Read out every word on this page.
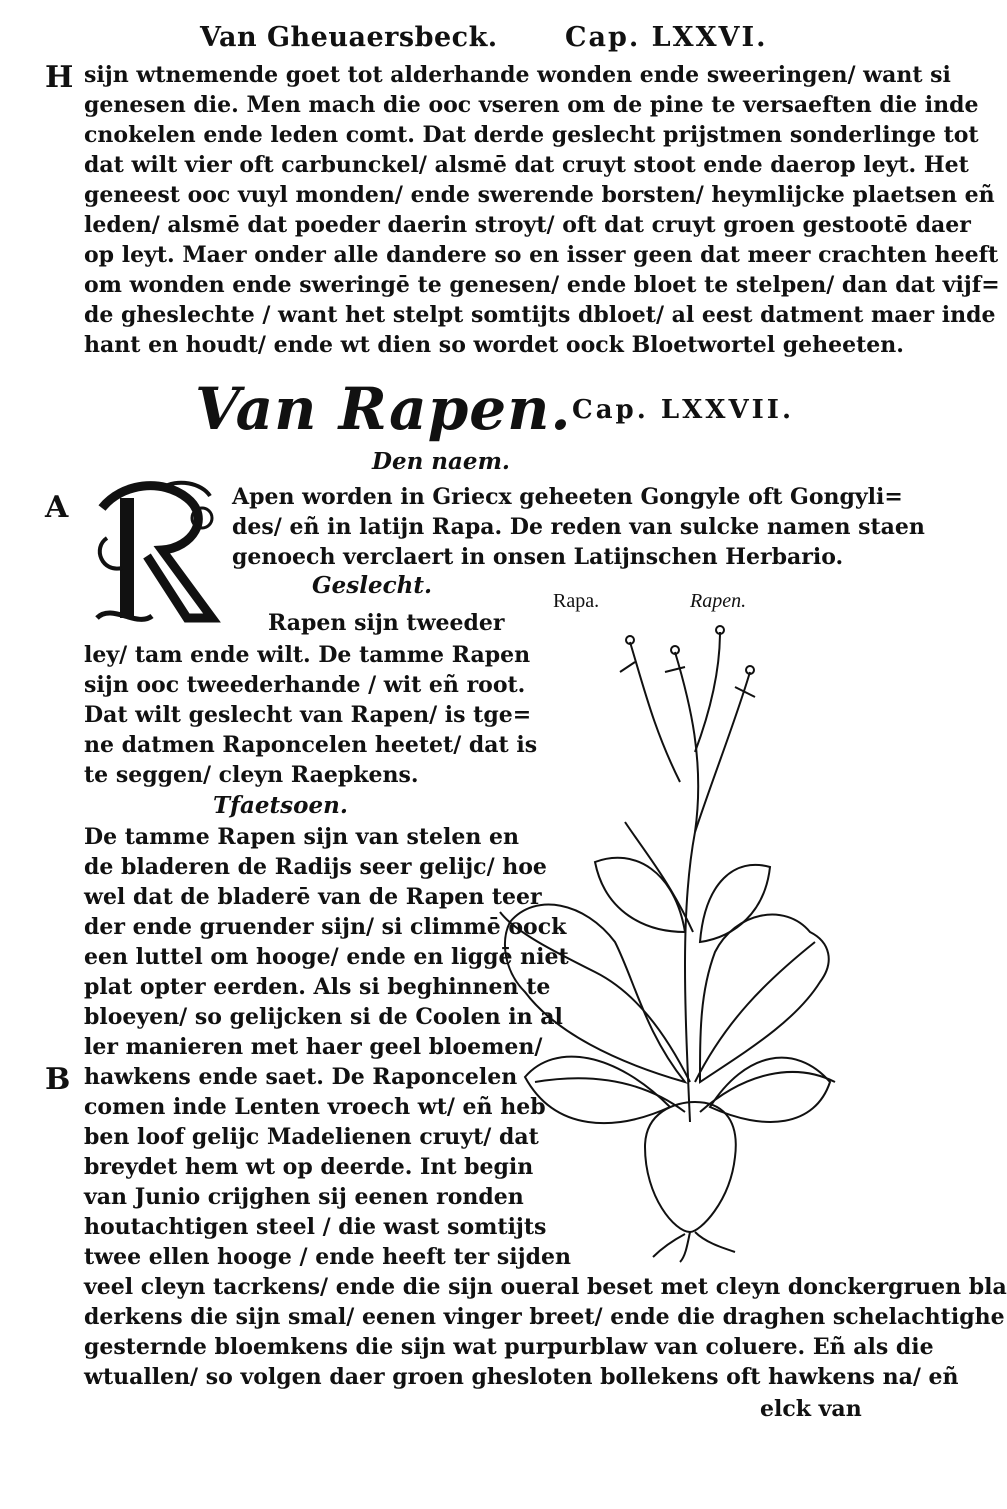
Van Gheuaersbeck. Cap. LXXVI.
H sijn wtnemende goet tot alderhande wonden ende sweeringen/ want si
genesen die. Men mach die ooc vseren om de pine te versaeften die inde
cnokelen ende leden comt. Dat derde geslecht prijstmen sonderlinge tot
dat wilt vier oft carbunckel/ alsmē dat cruyt stoot ende daerop leyt. Het
geneest ooc vuyl monden/ ende swerende borsten/ heymlijcke plaetsen eñ
leden/ alsmē dat poeder daerin stroyt/ oft dat cruyt groen gestootē daer
op leyt. Maer onder alle dandere so en isser geen dat meer crachten heeft
om wonden ende sweringē te genesen/ ende bloet te stelpen/ dan dat vijf=
de gheslechte / want het stelpt somtijts dbloet/ al eest datment maer inde
hant en houdt/ ende wt dien so wordet oock Bloetwortel geheeten.
Van Rapen. Cap. LXXVII.
Den naem.
A	Apen worden in Griecx geheeten Gongyle oft Gongyli=
des/ eñ in latijn Rapa. De reden van sulcke namen staen
genoech verclaert in onsen Latijnschen Herbario.
Geslecht.
Rapa.	Rapen.
Rapen sijn tweeder
ley/ tam ende wilt. De tamme Rapen
sijn ooc tweederhande / wit eñ root.
Dat wilt geslecht van Rapen/ is tge=
ne datmen Raponcelen heetet/ dat is
te seggen/ cleyn Raepkens.
Tfaetsoen.
De tamme Rapen sijn van stelen en
de bladeren de Radijs seer gelijc/ hoe
wel dat de bladerē van de Rapen teer
der ende gruender sijn/ si climmē oock
een luttel om hooge/ ende en liggē niet
plat opter eerden. Als si beghinnen te
bloeyen/ so gelijcken si de Coolen in al
ler manieren met haer geel bloemen/
hawkens ende saet. De Raponcelen
comen inde Lenten vroech wt/ eñ heb
ben loof gelijc Madelienen cruyt/ dat
breydet hem wt op deerde. Int begin
van Junio crijghen sij eenen ronden
houtachtigen steel / die wast somtijts
twee ellen hooge / ende heeft ter sijden
B
veel cleyn tacrkens/ ende die sijn oueral beset met cleyn donckergruen bla
derkens die sijn smal/ eenen vinger breet/ ende die draghen schelachtighe
gesternde bloemkens die sijn wat purpurblaw van coluere. Eñ als die
wtuallen/ so volgen daer groen ghesloten bollekens oft hawkens na/ eñ
elck van
